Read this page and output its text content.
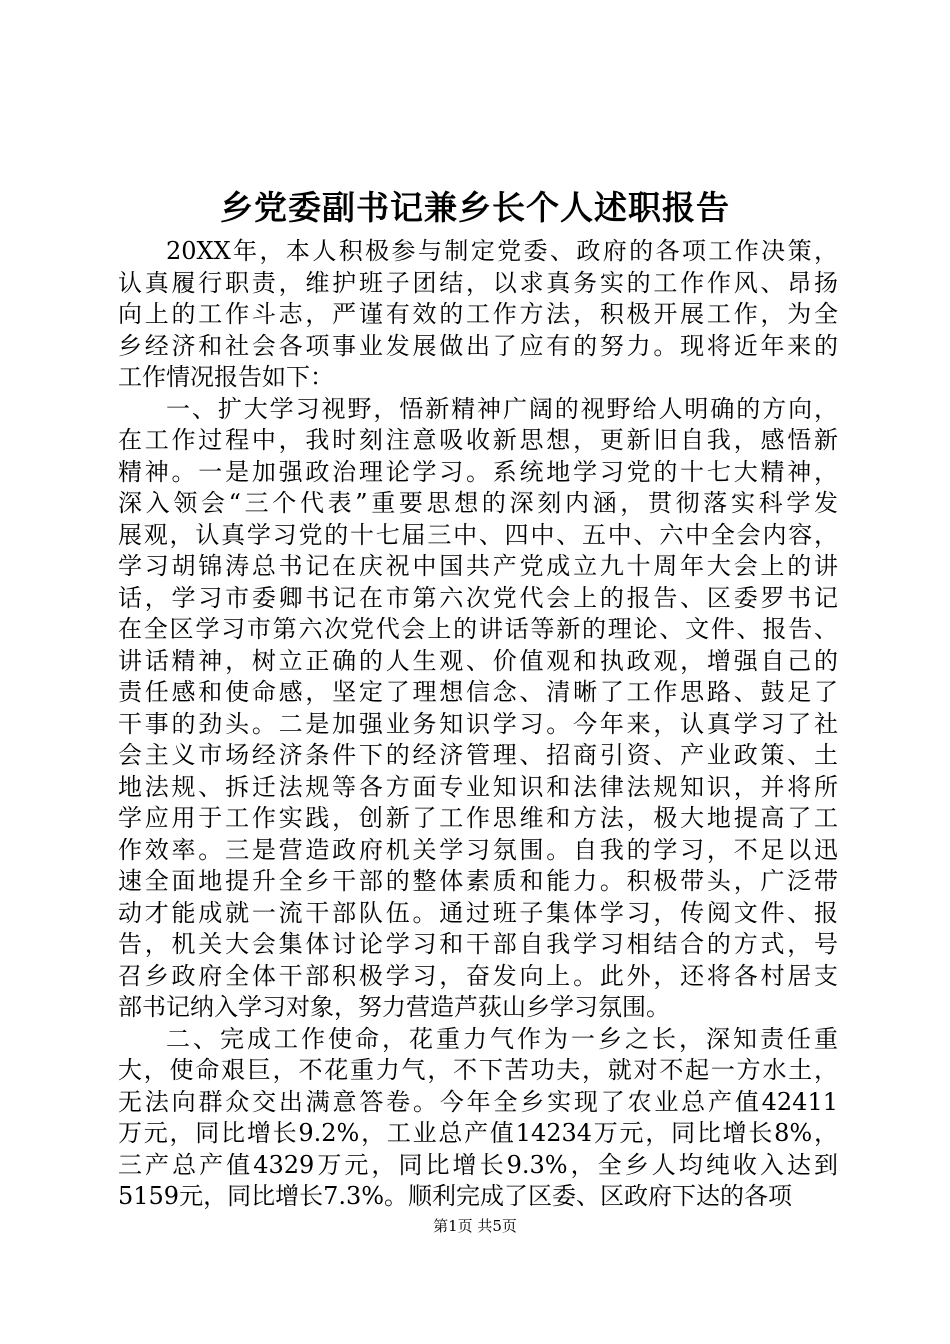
乡党委副书记兼乡长个人述职报告
20XX年，本人积极参与制定党委、政府的各项工作决策，
认真履行职责，维护班子团结，以求真务实的工作作风、昂扬
向上的工作斗志，严谨有效的工作方法，积极开展工作，为全
乡经济和社会各项事业发展做出了应有的努力。现将近年来的
工作情况报告如下：
一、扩大学习视野，悟新精神广阔的视野给人明确的方向，
在工作过程中，我时刻注意吸收新思想，更新旧自我，感悟新
精神。一是加强政治理论学习。系统地学习党的十七大精神，
深入领会“三个代表”重要思想的深刻内涵，贯彻落实科学发
展观，认真学习党的十七届三中、四中、五中、六中全会内容，
学习胡锦涛总书记在庆祝中国共产党成立九十周年大会上的讲
话，学习市委卿书记在市第六次党代会上的报告、区委罗书记
在全区学习市第六次党代会上的讲话等新的理论、文件、报告、
讲话精神，树立正确的人生观、价值观和执政观，增强自己的
责任感和使命感，坚定了理想信念、清晰了工作思路、鼓足了
干事的劲头。二是加强业务知识学习。今年来，认真学习了社
会主义市场经济条件下的经济管理、招商引资、产业政策、土
地法规、拆迁法规等各方面专业知识和法律法规知识，并将所
学应用于工作实践，创新了工作思维和方法，极大地提高了工
作效率。三是营造政府机关学习氛围。自我的学习，不足以迅
速全面地提升全乡干部的整体素质和能力。积极带头，广泛带
动才能成就一流干部队伍。通过班子集体学习，传阅文件、报
告，机关大会集体讨论学习和干部自我学习相结合的方式，号
召乡政府全体干部积极学习，奋发向上。此外，还将各村居支
部书记纳入学习对象，努力营造芦荻山乡学习氛围。
二、完成工作使命，花重力气作为一乡之长，深知责任重
大，使命艰巨，不花重力气，不下苦功夫，就对不起一方水土，
无法向群众交出满意答卷。今年全乡实现了农业总产值42411
万元，同比增长9.2%，工业总产值14234万元，同比增长8%，
三产总产值4329万元，同比增长9.3%，全乡人均纯收入达到
5159元，同比增长7.3%。顺利完成了区委、区政府下达的各项
第1页 共5页
